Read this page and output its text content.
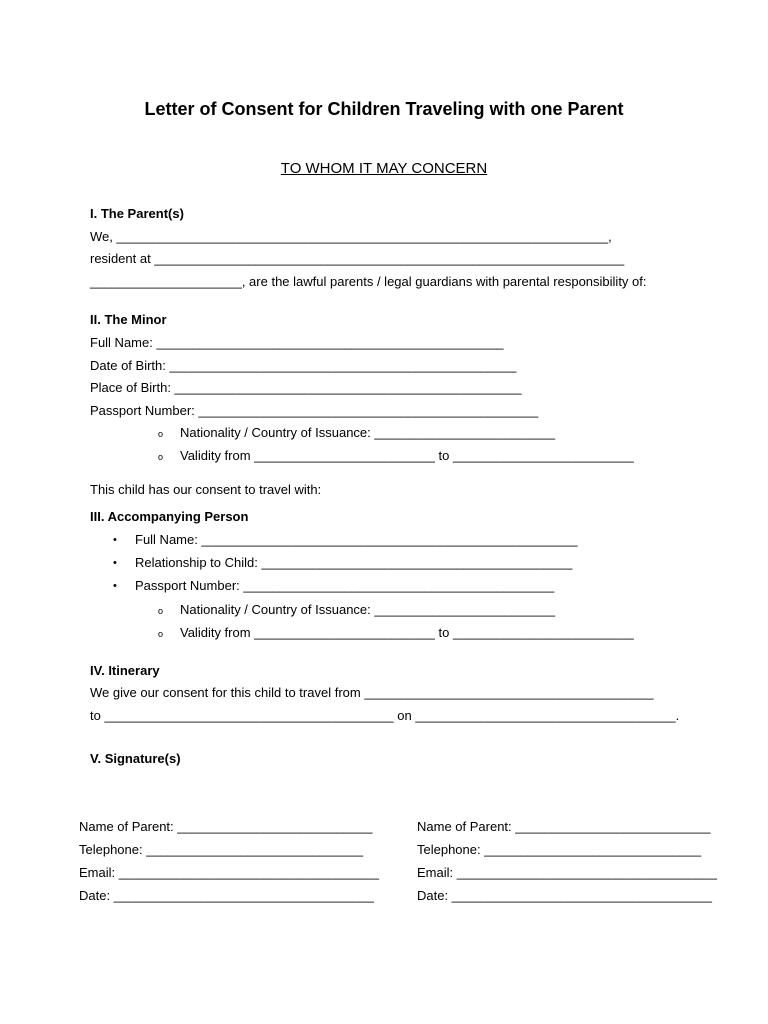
Letter of Consent for Children Traveling with one Parent
TO WHOM IT MAY CONCERN
I. The Parent(s)
We, ____________________________________________________________________,
resident at _________________________________________________________________
_____________________, are the lawful parents / legal guardians with parental responsibility of:
II. The Minor
Full Name: ________________________________________________
Date of Birth: ________________________________________________
Place of Birth: ________________________________________________
Passport Number: _______________________________________________
o Nationality / Country of Issuance: _________________________
o Validity from _________________________ to _________________________
This child has our consent to travel with:
III. Accompanying Person
• Full Name: ____________________________________________________
• Relationship to Child: ___________________________________________
• Passport Number: ___________________________________________
o Nationality / Country of Issuance: _________________________
o Validity from _________________________ to _________________________
IV. Itinerary
We give our consent for this child to travel from ________________________________________
to ________________________________________ on ____________________________________.
V. Signature(s)
Name of Parent: ___________________________
Telephone: ______________________________
Email: ____________________________________
Date: ____________________________________
Name of Parent: ___________________________
Telephone: ______________________________
Email: ____________________________________
Date: ____________________________________
